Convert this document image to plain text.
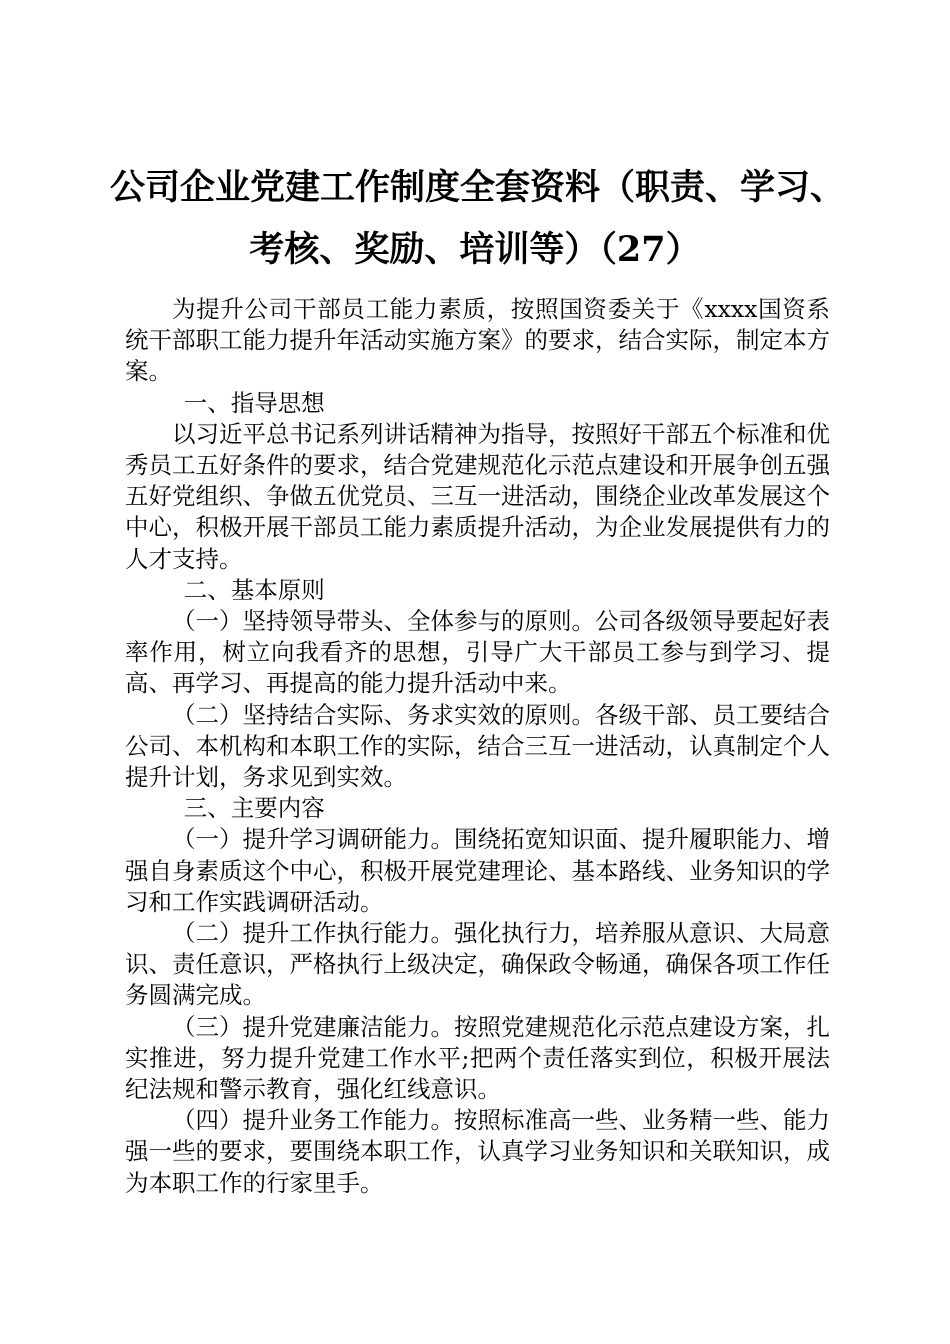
公司企业党建工作制度全套资料（职责、学习、
考核、奖励、培训等）（27）

为提升公司干部员工能力素质，按照国资委关于《xxxx国资系统干部职工能力提升年活动实施方案》的要求，结合实际，制定本方案。

一、指导思想

以习近平总书记系列讲话精神为指导，按照好干部五个标准和优秀员工五好条件的要求，结合党建规范化示范点建设和开展争创五强五好党组织、争做五优党员、三互一进活动，围绕企业改革发展这个中心，积极开展干部员工能力素质提升活动，为企业发展提供有力的人才支持。

二、基本原则

（一）坚持领导带头、全体参与的原则。公司各级领导要起好表率作用，树立向我看齐的思想，引导广大干部员工参与到学习、提高、再学习、再提高的能力提升活动中来。

（二）坚持结合实际、务求实效的原则。各级干部、员工要结合公司、本机构和本职工作的实际，结合三互一进活动，认真制定个人提升计划，务求见到实效。

三、主要内容

（一）提升学习调研能力。围绕拓宽知识面、提升履职能力、增强自身素质这个中心，积极开展党建理论、基本路线、业务知识的学习和工作实践调研活动。

（二）提升工作执行能力。强化执行力，培养服从意识、大局意识、责任意识，严格执行上级决定，确保政令畅通，确保各项工作任务圆满完成。

（三）提升党建廉洁能力。按照党建规范化示范点建设方案，扎实推进，努力提升党建工作水平;把两个责任落实到位，积极开展法纪法规和警示教育，强化红线意识。

（四）提升业务工作能力。按照标准高一些、业务精一些、能力强一些的要求，要围绕本职工作，认真学习业务知识和关联知识，成为本职工作的行家里手。
